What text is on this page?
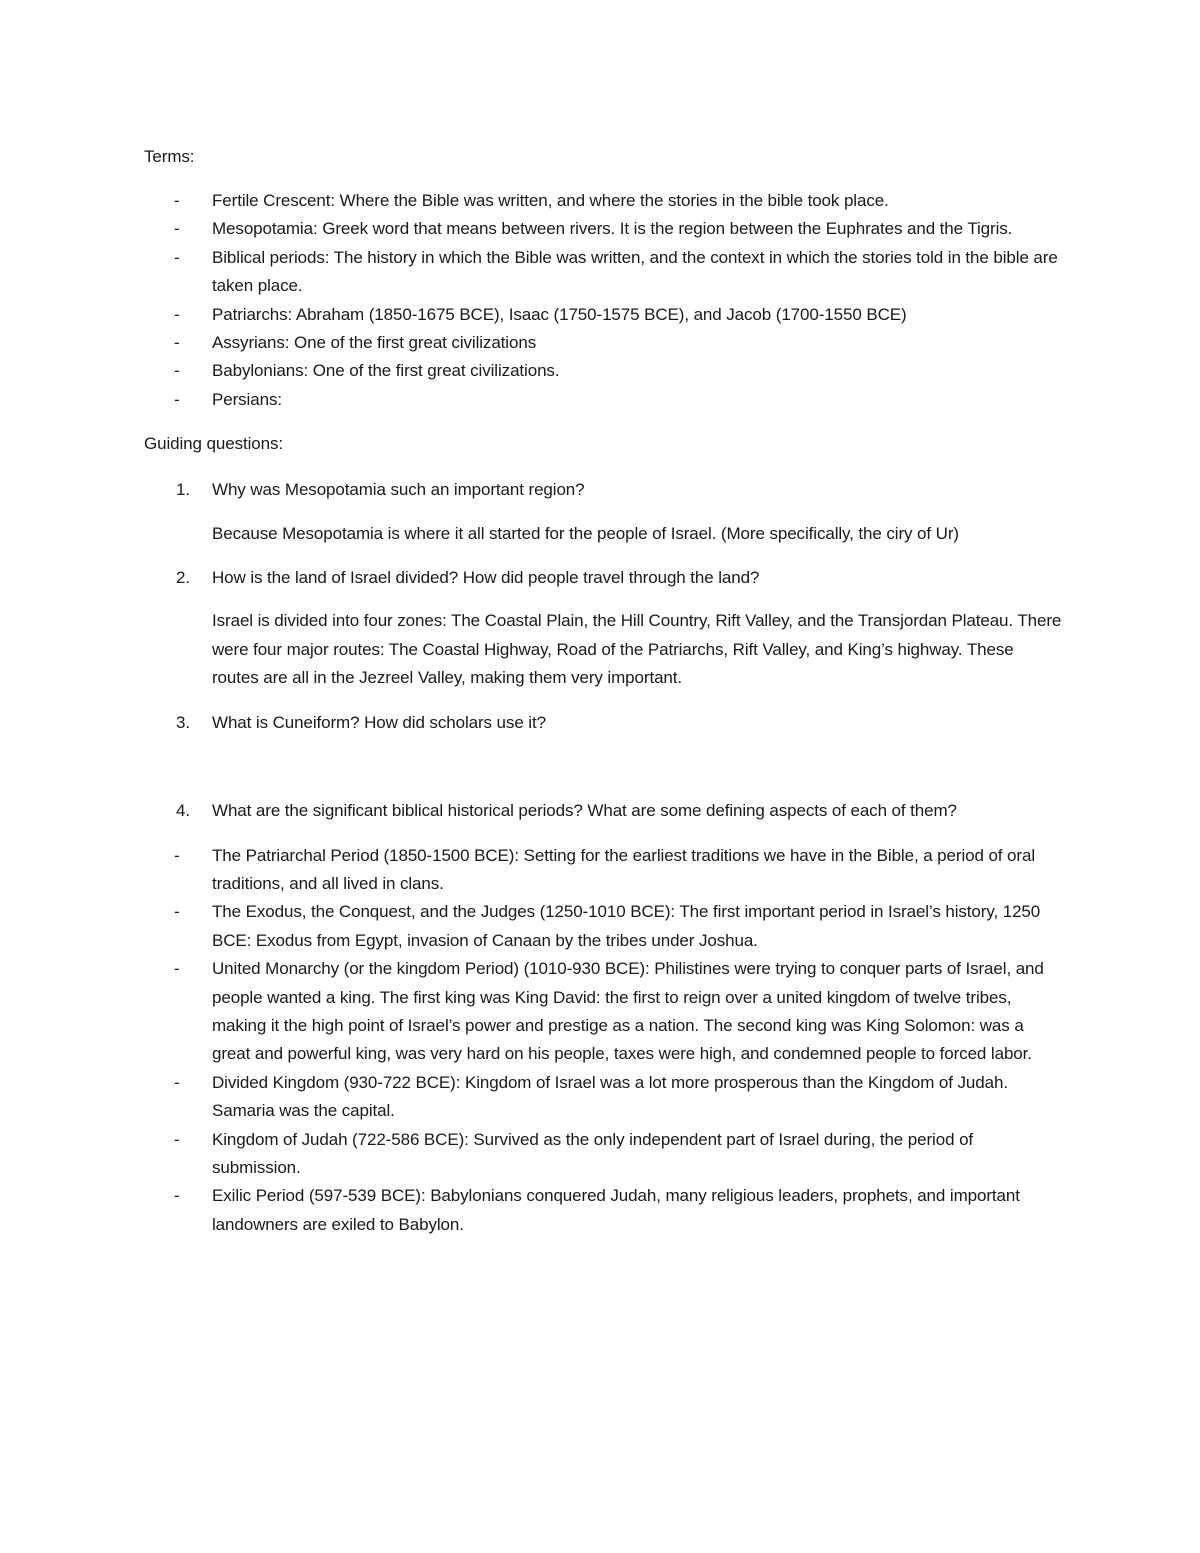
Terms:

- Fertile Crescent: Where the Bible was written, and where the stories in the bible took place.
- Mesopotamia: Greek word that means between rivers. It is the region between the Euphrates and the Tigris.
- Biblical periods: The history in which the Bible was written, and the context in which the stories told in the bible are taken place.
- Patriarchs: Abraham (1850-1675 BCE), Isaac (1750-1575 BCE), and Jacob (1700-1550 BCE)
- Assyrians: One of the first great civilizations
- Babylonians: One of the first great civilizations.
- Persians:

Guiding questions:

1. Why was Mesopotamia such an important region?
Because Mesopotamia is where it all started for the people of Israel. (More specifically, the ciry of Ur)
2. How is the land of Israel divided? How did people travel through the land?
Israel is divided into four zones: The Coastal Plain, the Hill Country, Rift Valley, and the Transjordan Plateau. There were four major routes: The Coastal Highway, Road of the Patriarchs, Rift Valley, and King’s highway. These routes are all in the Jezreel Valley, making them very important.
3. What is Cuneiform? How did scholars use it?
4. What are the significant biblical historical periods? What are some defining aspects of each of them?
- The Patriarchal Period (1850-1500 BCE): Setting for the earliest traditions we have in the Bible, a period of oral traditions, and all lived in clans.
- The Exodus, the Conquest, and the Judges (1250-1010 BCE): The first important period in Israel’s history, 1250 BCE: Exodus from Egypt, invasion of Canaan by the tribes under Joshua.
- United Monarchy (or the kingdom Period) (1010-930 BCE): Philistines were trying to conquer parts of Israel, and people wanted a king. The first king was King David: the first to reign over a united kingdom of twelve tribes, making it the high point of Israel’s power and prestige as a nation. The second king was King Solomon: was a great and powerful king, was very hard on his people, taxes were high, and condemned people to forced labor.
- Divided Kingdom (930-722 BCE): Kingdom of Israel was a lot more prosperous than the Kingdom of Judah. Samaria was the capital.
- Kingdom of Judah (722-586 BCE): Survived as the only independent part of Israel during, the period of submission.
- Exilic Period (597-539 BCE): Babylonians conquered Judah, many religious leaders, prophets, and important landowners are exiled to Babylon.
